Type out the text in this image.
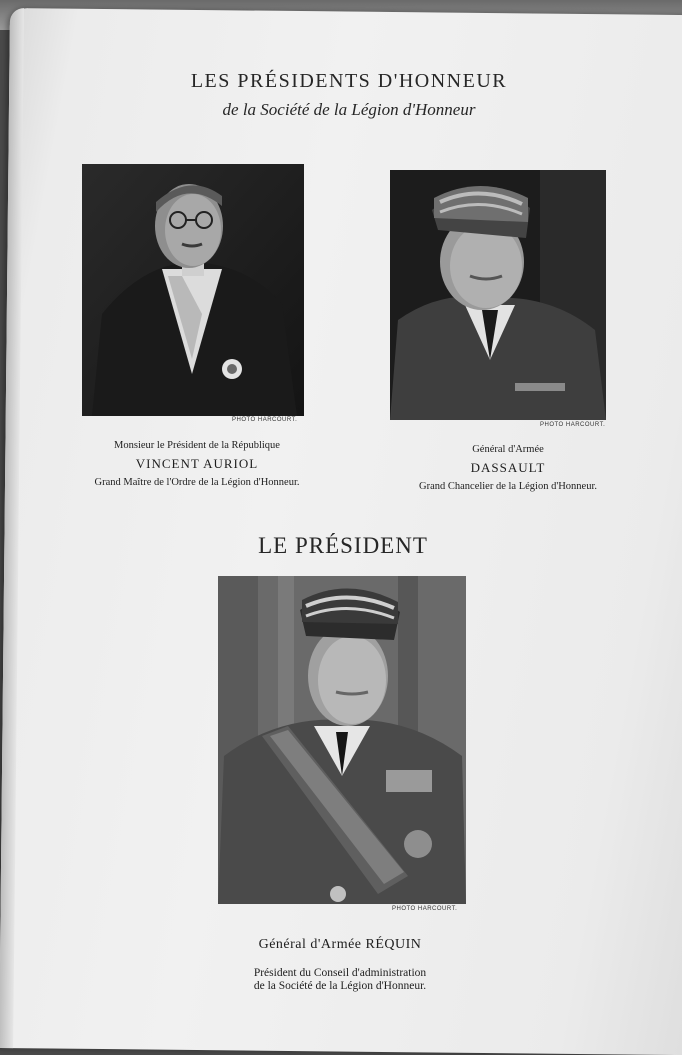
LES PRÉSIDENTS D'HONNEUR
de la Société de la Légion d'Honneur
PHOTO HARCOURT.
PHOTO HARCOURT.
Monsieur le Président de la République
VINCENT AURIOL
Grand Maître de l'Ordre de la Légion d'Honneur.
Général d'Armée
DASSAULT
Grand Chancelier de la Légion d'Honneur.
LE PRÉSIDENT
PHOTO HARCOURT.
Général d'Armée RÉQUIN
Président du Conseil d'administration
de la Société de la Légion d'Honneur.
